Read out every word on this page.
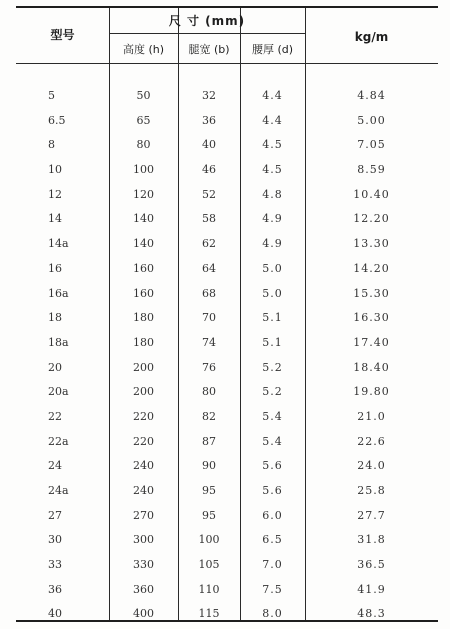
型号
尺 寸 (mm)
高度 (h)	腿宽 (b)	腰厚 (d)
kg/m
5	50	32	4.4	4.84
6.5	65	36	4.4	5.00
8	80	40	4.5	7.05
10	100	46	4.5	8.59
12	120	52	4.8	10.40
14	140	58	4.9	12.20
14a	140	62	4.9	13.30
16	160	64	5.0	14.20
16a	160	68	5.0	15.30
18	180	70	5.1	16.30
18a	180	74	5.1	17.40
20	200	76	5.2	18.40
20a	200	80	5.2	19.80
22	220	82	5.4	21.0
22a	220	87	5.4	22.6
24	240	90	5.6	24.0
24a	240	95	5.6	25.8
27	270	95	6.0	27.7
30	300	100	6.5	31.8
33	330	105	7.0	36.5
36	360	110	7.5	41.9
40	400	115	8.0	48.3
